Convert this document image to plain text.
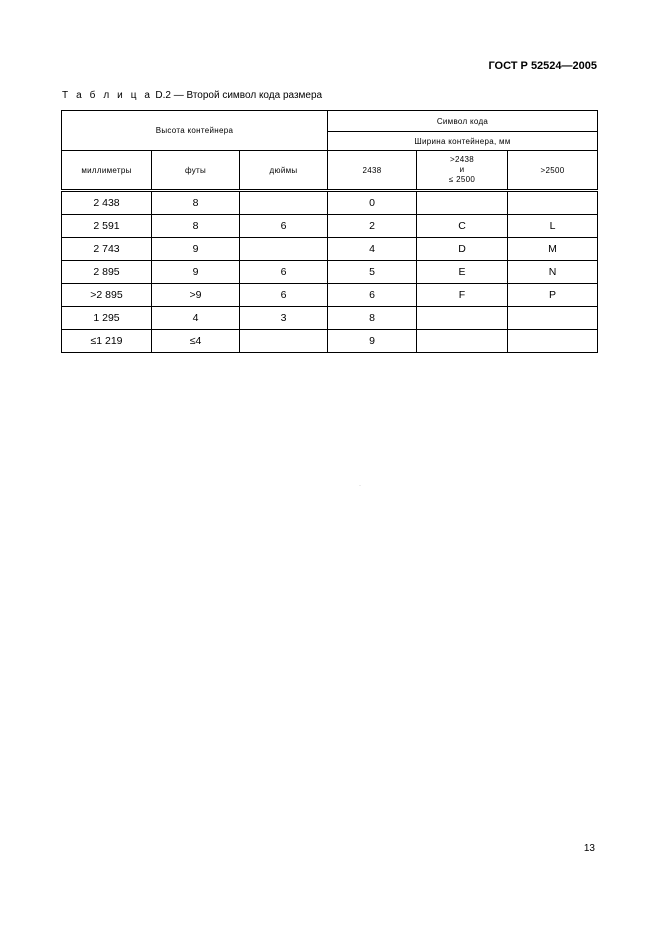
ГОСТ Р 52524—2005
Т а б л и ц а D.2 — Второй символ кода размера
Высота контейнера			Символ кода		
			Ширина контейнера, мм		
миллиметры	футы	дюймы	2438	>2438
и
≤ 2500	>2500
2 438	8		0		
2 591	8	6	2	C	L
2 743	9		4	D	M
2 895	9	6	5	E	N
>2 895	>9	6	6	F	P
1 295	4	3	8		
≤1 219	≤4		9		
·
13
